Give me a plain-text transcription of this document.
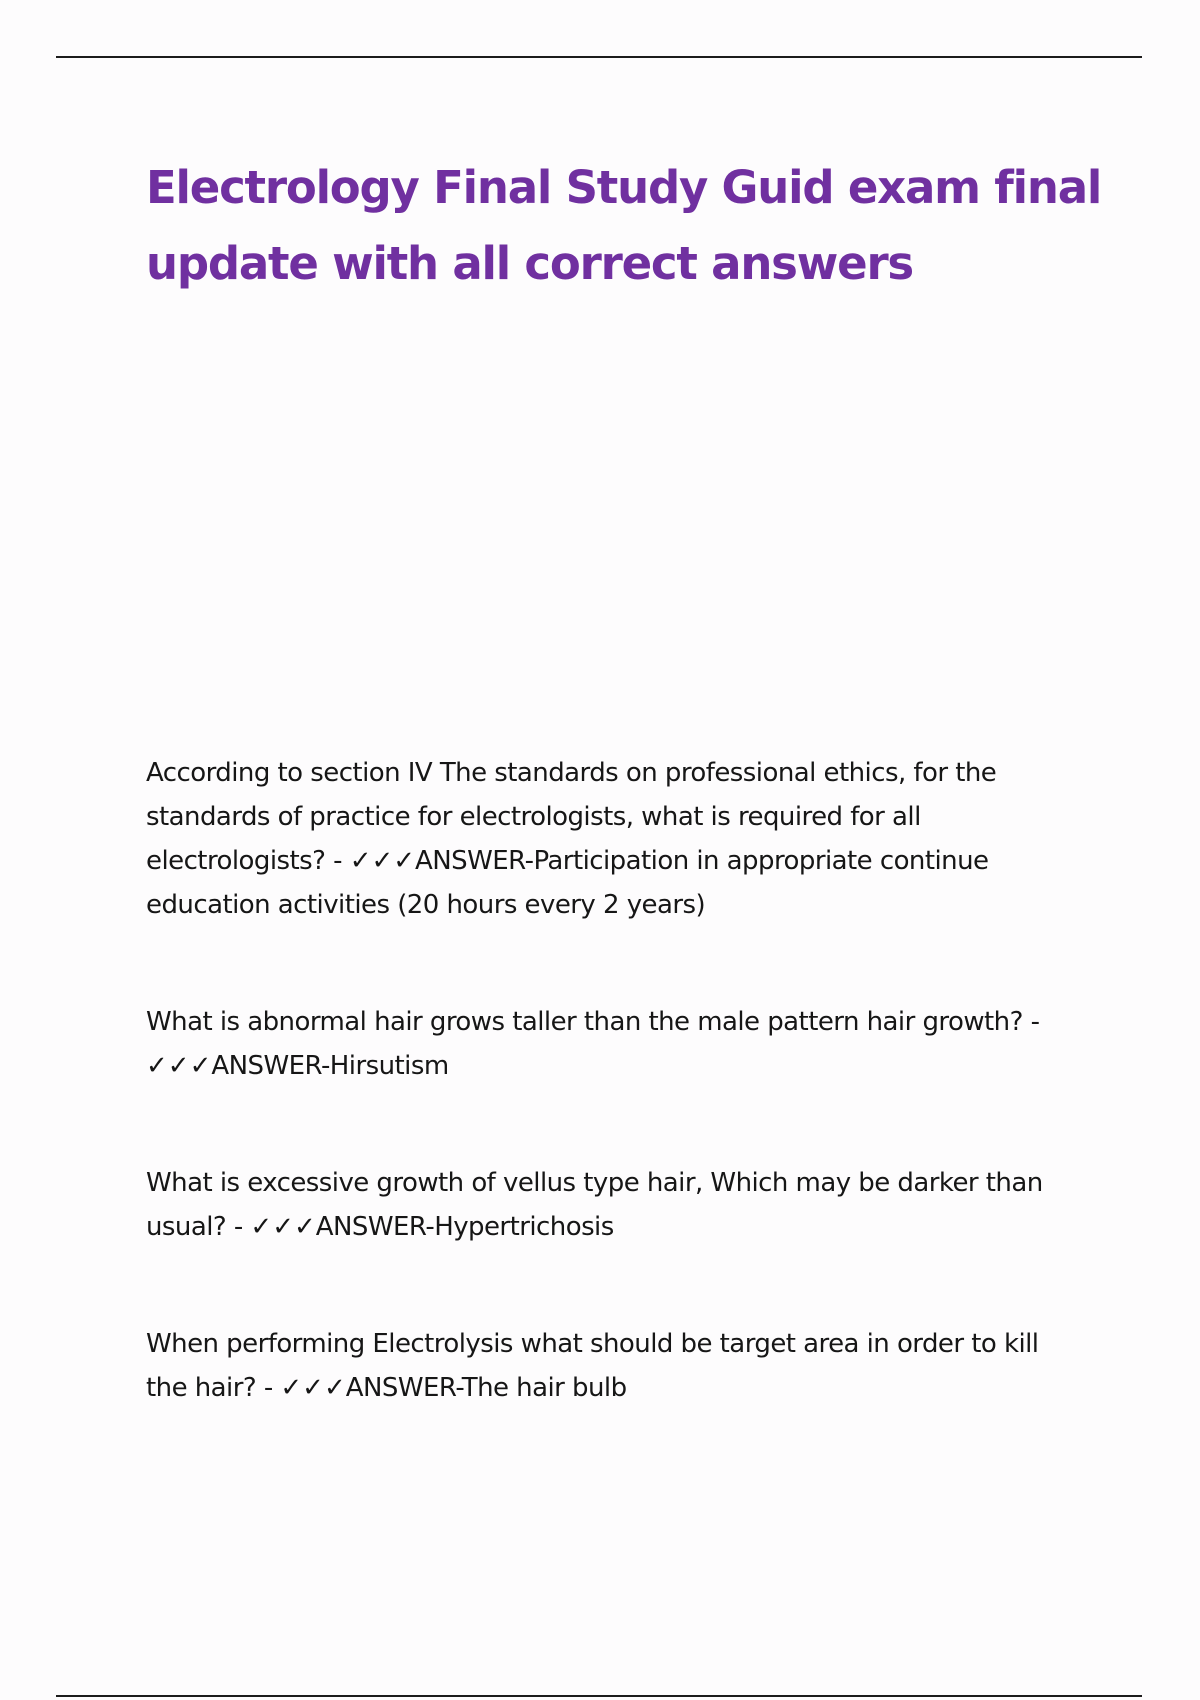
Electrology Final Study Guid exam final update with all correct answers

According to section IV The standards on professional ethics, for the standards of practice for electrologists, what is required for all electrologists? - ✓✓✓ANSWER-Participation in appropriate continue education activities (20 hours every 2 years)

What is abnormal hair grows taller than the male pattern hair growth? - ✓✓✓ANSWER-Hirsutism

What is excessive growth of vellus type hair, Which may be darker than usual? - ✓✓✓ANSWER-Hypertrichosis

When performing Electrolysis what should be target area in order to kill the hair? - ✓✓✓ANSWER-The hair bulb
